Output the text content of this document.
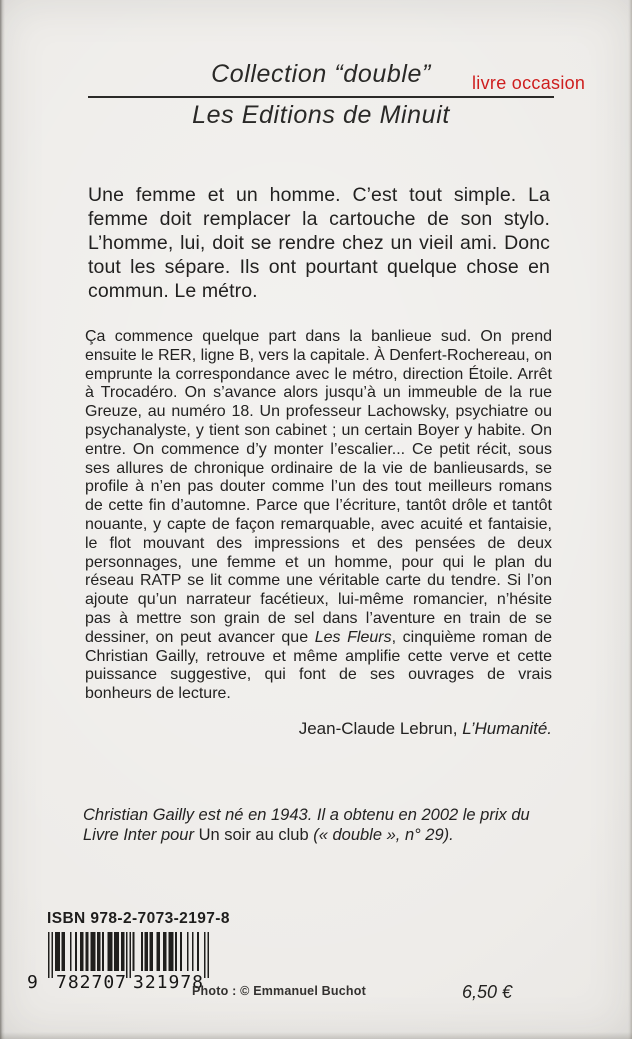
Collection “double”	livre occasion
Les Editions de Minuit

Une femme et un homme. C’est tout simple. La femme doit remplacer la cartouche de son stylo. L’homme, lui, doit se rendre chez un vieil ami. Donc tout les sépare. Ils ont pourtant quelque chose en commun. Le métro.

Ça commence quelque part dans la banlieue sud. On prend ensuite le RER, ligne B, vers la capitale. À Denfert-Rochereau, on emprunte la correspondance avec le métro, direction Étoile. Arrêt à Trocadéro. On s’avance alors jusqu’à un immeuble de la rue Greuze, au numéro 18. Un professeur Lachowsky, psychiatre ou psychanalyste, y tient son cabinet ; un certain Boyer y habite. On entre. On commence d’y monter l’escalier... Ce petit récit, sous ses allures de chronique ordinaire de la vie de banlieusards, se profile à n’en pas douter comme l’un des tout meilleurs romans de cette fin d’automne. Parce que l’écriture, tantôt drôle et tantôt nouante, y capte de façon remarquable, avec acuité et fantaisie, le flot mouvant des impressions et des pensées de deux personnages, une femme et un homme, pour qui le plan du réseau RATP se lit comme une véritable carte du tendre. Si l’on ajoute qu’un narrateur facétieux, lui-même romancier, n’hésite pas à mettre son grain de sel dans l’aventure en train de se dessiner, on peut avancer que Les Fleurs, cinquième roman de Christian Gailly, retrouve et même amplifie cette verve et cette puissance suggestive, qui font de ses ouvrages de vrais bonheurs de lecture.

Jean-Claude Lebrun, L’Humanité.

Christian Gailly est né en 1943. Il a obtenu en 2002 le prix du Livre Inter pour Un soir au club (« double », n° 29).

ISBN 978-2-7073-2197-8
9 782707 321978
Photo : © Emmanuel Buchot	6,50 €
